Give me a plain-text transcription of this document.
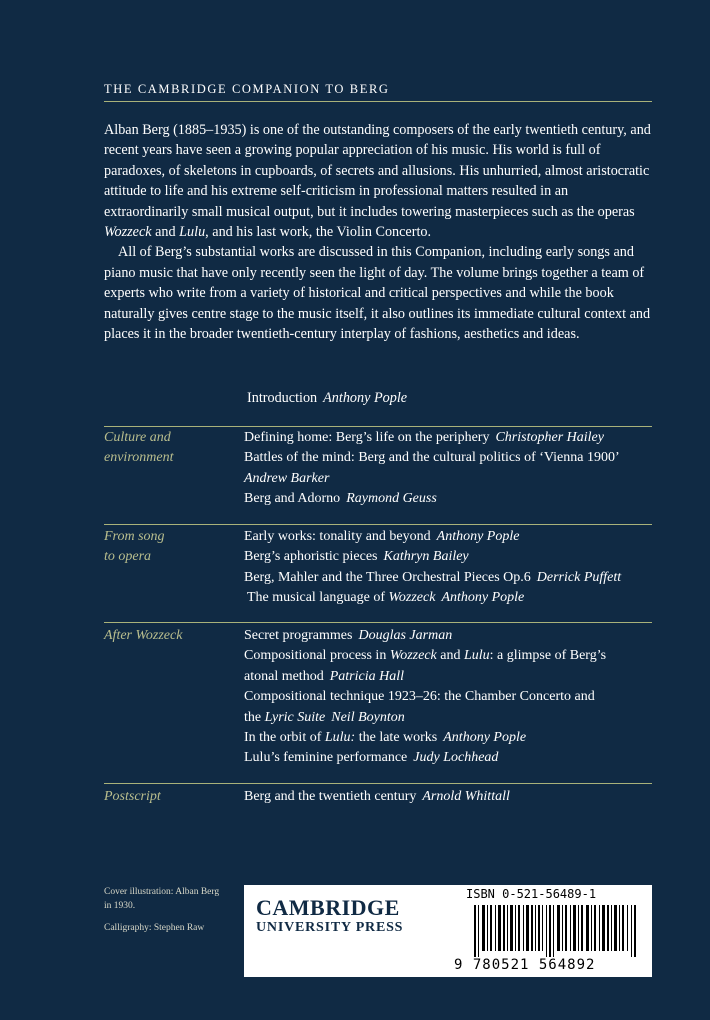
THE CAMBRIDGE COMPANION TO BERG

Alban Berg (1885–1935) is one of the outstanding composers of the early twentieth century, and recent years have seen a growing popular appreciation of his music. His world is full of paradoxes, of skeletons in cupboards, of secrets and allusions. His unhurried, almost aristocratic attitude to life and his extreme self-criticism in professional matters resulted in an extraordinarily small musical output, but it includes towering masterpieces such as the operas Wozzeck and Lulu, and his last work, the Violin Concerto.

All of Berg’s substantial works are discussed in this Companion, including early songs and piano music that have only recently seen the light of day. The volume brings together a team of experts who write from a variety of historical and critical perspectives and while the book naturally gives centre stage to the music itself, it also outlines its immediate cultural context and places it in the broader twentieth-century interplay of fashions, aesthetics and ideas.

Introduction Anthony Pople
Culture and
environment
Defining home: Berg’s life on the periphery Christopher Hailey
Battles of the mind: Berg and the cultural politics of ‘Vienna 1900’
Andrew Barker
Berg and Adorno Raymond Geuss
From song
to opera
Early works: tonality and beyond Anthony Pople
Berg’s aphoristic pieces Kathryn Bailey
Berg, Mahler and the Three Orchestral Pieces Op.6 Derrick Puffett
The musical language of Wozzeck Anthony Pople
After Wozzeck	Secret programmes Douglas Jarman
Compositional process in Wozzeck and Lulu: a glimpse of Berg’s
atonal method Patricia Hall
Compositional technique 1923–26: the Chamber Concerto and
the Lyric Suite Neil Boynton
In the orbit of Lulu: the late works Anthony Pople
Lulu’s feminine performance Judy Lochhead
Postscript	Berg and the twentieth century Arnold Whittall
Cover illustration: Alban Berg
in 1930.
Calligraphy: Stephen Raw
CAMBRIDGE
UNIVERSITY PRESS
ISBN 0-521-56489-1
9 780521 564892
